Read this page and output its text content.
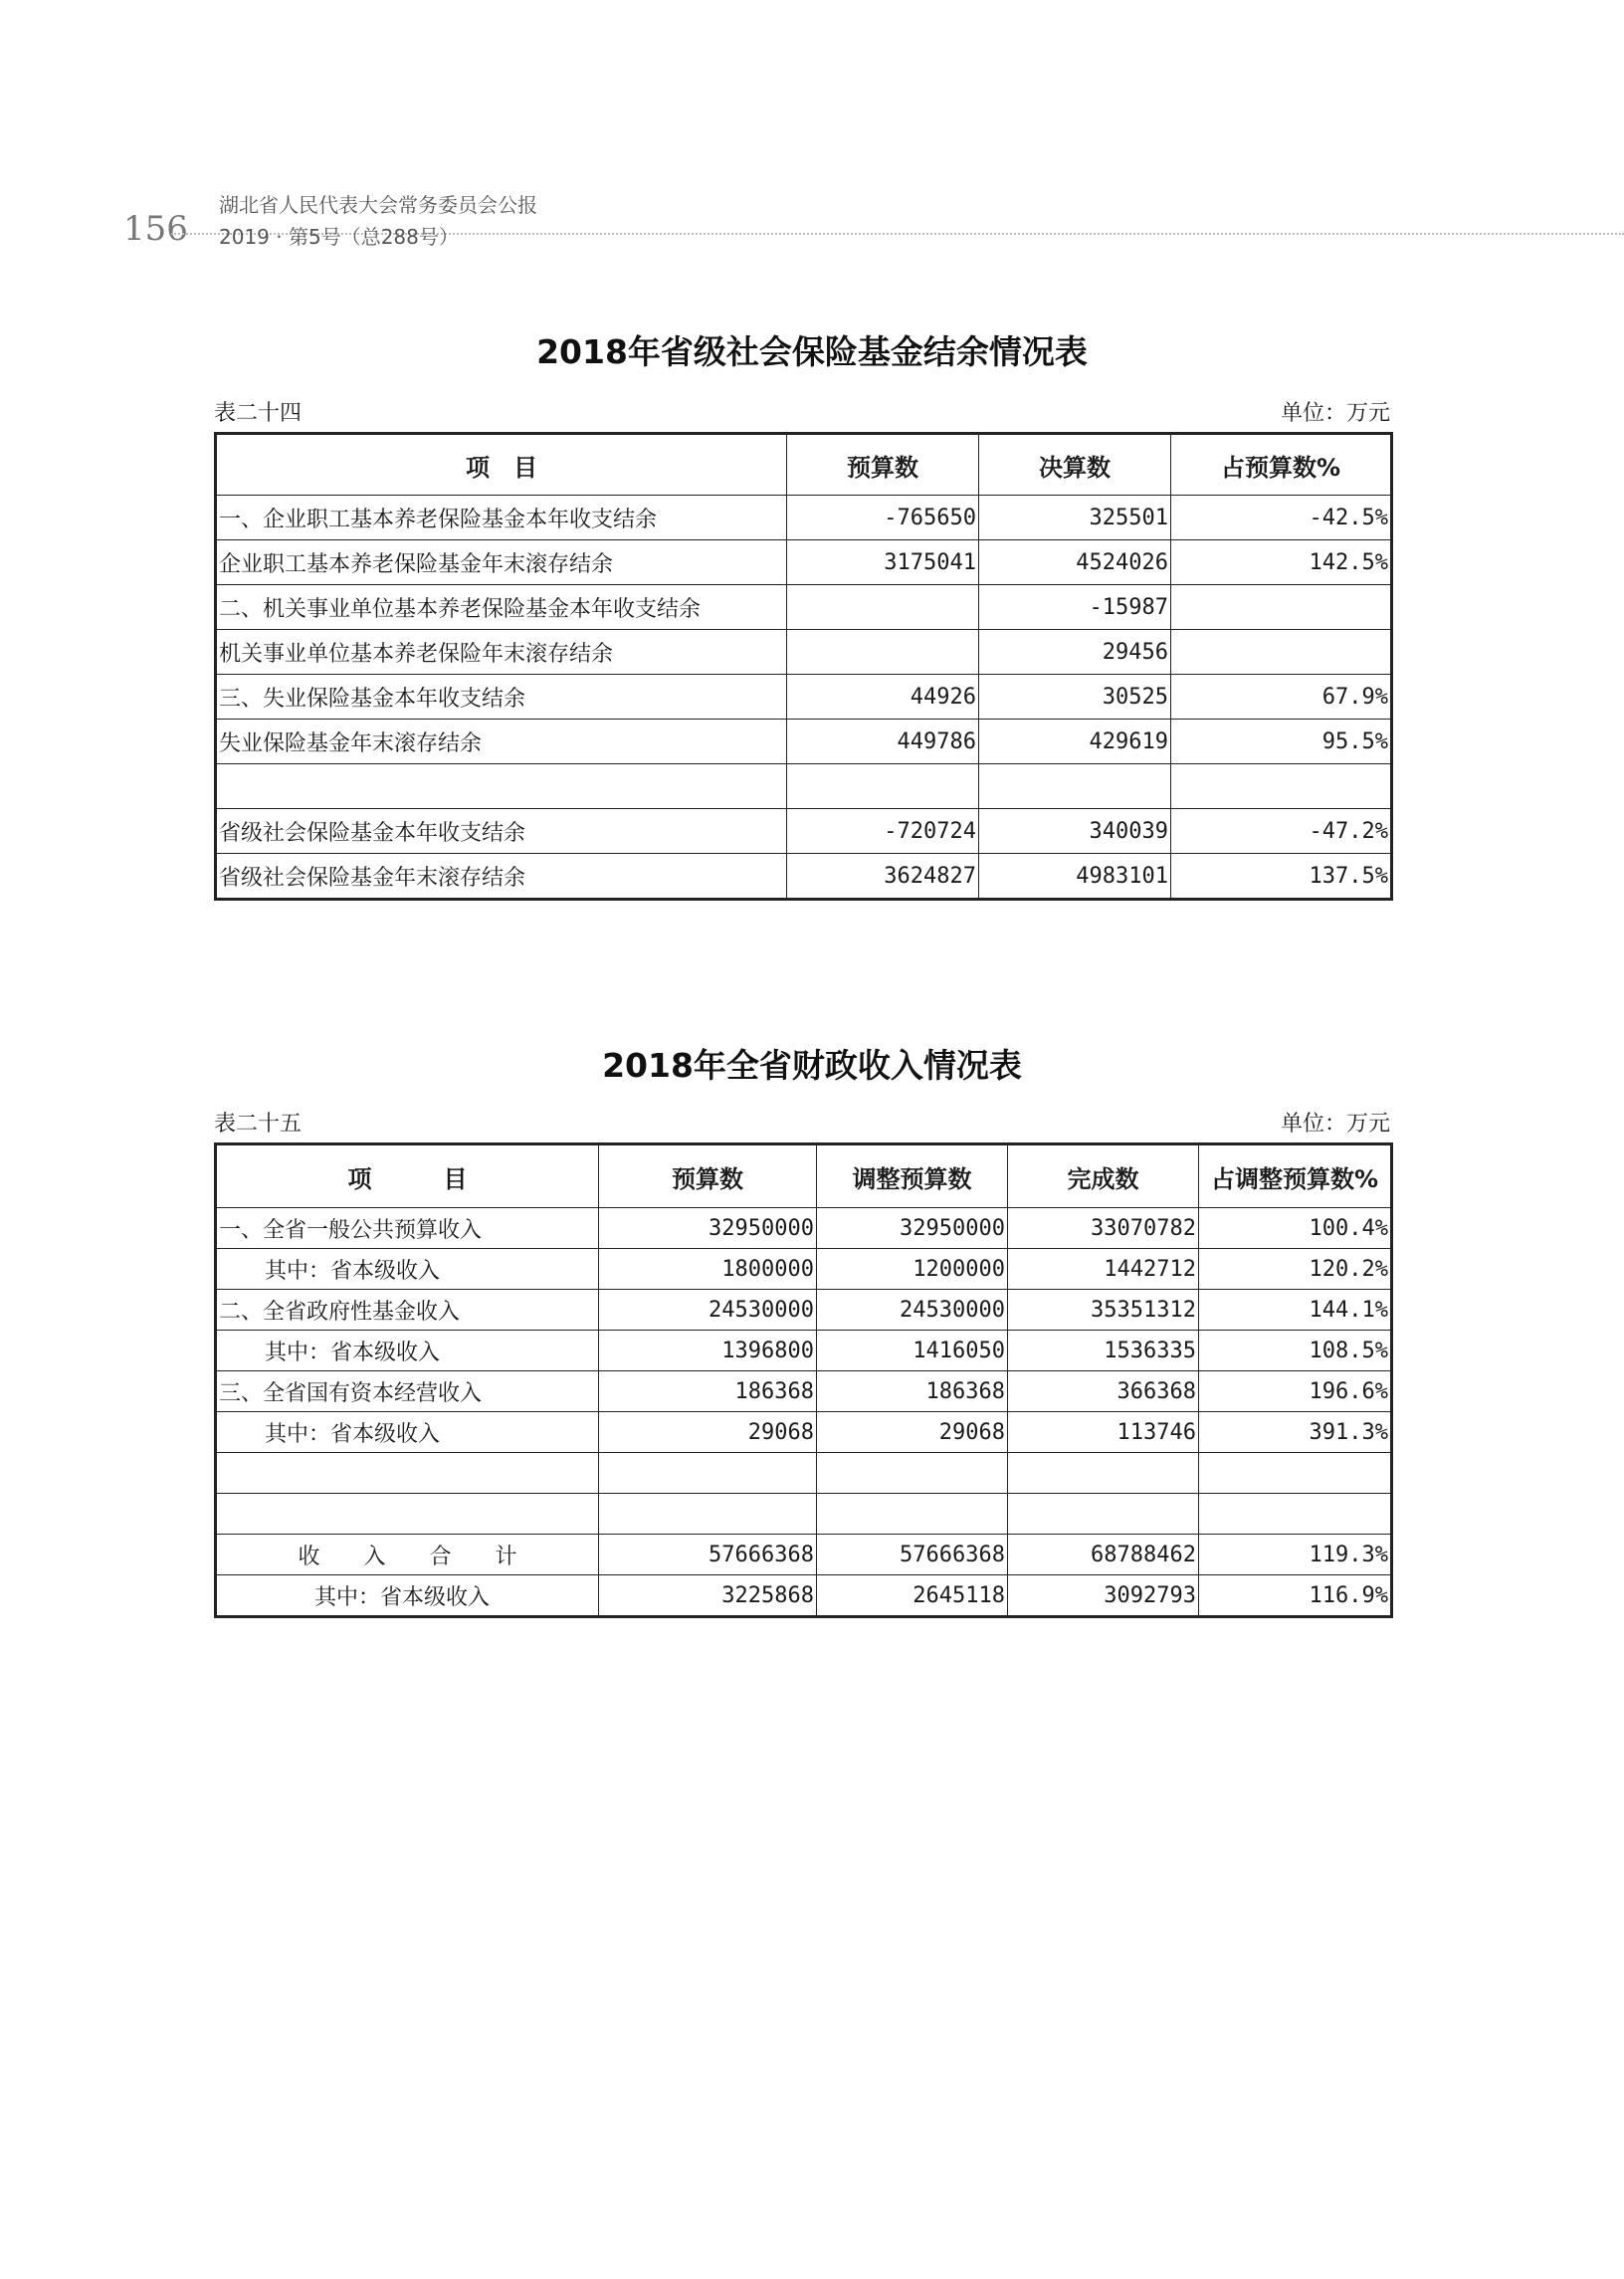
156
湖北省人民代表大会常务委员会公报
2019 · 第5号（总288号）
2018年省级社会保险基金结余情况表
表二十四	单位：万元
项　目	预算数	决算数	占预算数%
一、企业职工基本养老保险基金本年收支结余	-765650	325501	-42.5%
企业职工基本养老保险基金年末滚存结余	3175041	4524026	142.5%
二、机关事业单位基本养老保险基金本年收支结余		-15987	
机关事业单位基本养老保险年末滚存结余		29456	
三、失业保险基金本年收支结余	44926	30525	67.9%
失业保险基金年末滚存结余	449786	429619	95.5%

省级社会保险基金本年收支结余	-720724	340039	-47.2%
省级社会保险基金年末滚存结余	3624827	4983101	137.5%
2018年全省财政收入情况表
表二十五	单位：万元
项　　　目	预算数	调整预算数	完成数	占调整预算数%
一、全省一般公共预算收入	32950000	32950000	33070782	100.4%
其中：省本级收入	1800000	1200000	1442712	120.2%
二、全省政府性基金收入	24530000	24530000	35351312	144.1%
其中：省本级收入	1396800	1416050	1536335	108.5%
三、全省国有资本经营收入	186368	186368	366368	196.6%
其中：省本级收入	29068	29068	113746	391.3%

收　　入　　合　　计	57666368	57666368	68788462	119.3%
其中：省本级收入	3225868	2645118	3092793	116.9%
